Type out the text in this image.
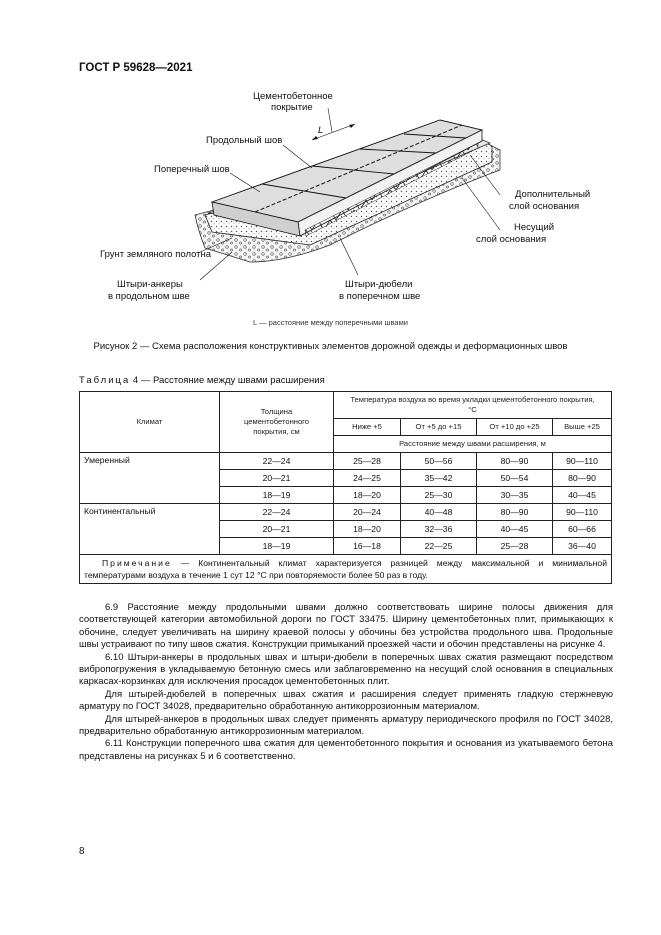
ГОСТ Р 59628—2021
L
Цементобетонное
покрытие
Продольный шов
Поперечный шов
Грунт земляного полотна
Штыри-анкеры
в продольном шве
Штыри-дюбели
в поперечном шве
Дополнительный
слой основания
Несущий
слой основания
L — расстояние между поперечными швами
Рисунок 2 — Схема расположения конструктивных элементов дорожной одежды и деформационных швов
Таблица 4 — Расстояние между швами расширения
Климат	Толщина цементобетонного покрытия, см	Температура воздуха во время укладки цементобетонного покрытия, °С			
		Ниже +5	От +5 до +15	От +10 до +25	Выше +25
		Расстояние между швами расширения, м			
Умеренный	22—24	25—28	50—56	80—90	90—110
	20—21	24—25	35—42	50—54	80—90
	18—19	18—20	25—30	30—35	40—45
Континентальный	22—24	20—24	40—48	80—90	90—110
	20—21	18—20	32—36	40—45	60—66
	18—19	16—18	22—25	25—28	36—40
Примечание — Континентальный климат характеризуется разницей между максимальной и минимальной температурами воздуха в течение 1 сут 12 °С при повторяемости более 50 раз в году.					

6.9 Расстояние между продольными швами должно соответствовать ширине полосы движения для соответствующей категории автомобильной дороги по ГОСТ 33475. Ширину цементобетонных плит, примыкающих к обочине, следует увеличивать на ширину краевой полосы у обочины без устройства продольного шва. Продольные швы устраивают по типу швов сжатия. Конструкции примыканий проезжей части и обочин представлены на рисунке 4.

6.10 Штыри-анкеры в продольных швах и штыри-дюбели в поперечных швах сжатия размещают посредством вибропогружения в укладываемую бетонную смесь или заблаговременно на несущий слой основания в специальных каркасах-корзинках для исключения просадок цементобетонных плит.

Для штырей-дюбелей в поперечных швах сжатия и расширения следует применять гладкую стержневую арматуру по ГОСТ 34028, предварительно обработанную антикоррозионным материалом.

Для штырей-анкеров в продольных швах следует применять арматуру периодического профиля по ГОСТ 34028, предварительно обработанную антикоррозионным материалом.

6.11 Конструкции поперечного шва сжатия для цементобетонного покрытия и основания из укатываемого бетона представлены на рисунках 5 и 6 соответственно.

8
